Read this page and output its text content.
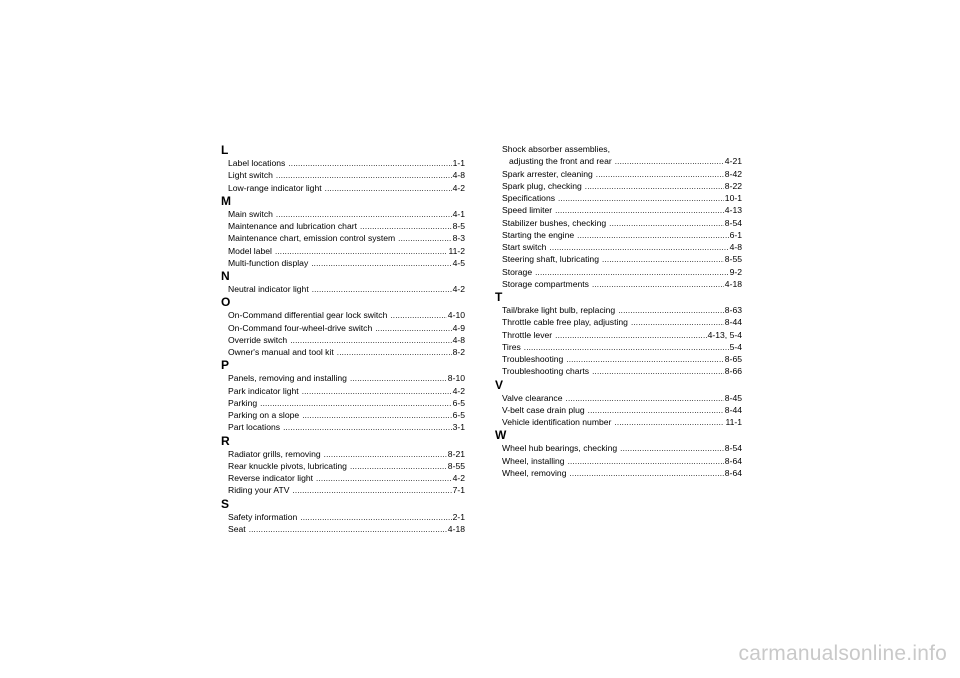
L
Label locations .....	1-1
Light switch .....	4-8
Low-range indicator light .....	4-2
M
Main switch .....	4-1
Maintenance and lubrication chart .....	8-5
Maintenance chart, emission control system .....	8-3
Model label .....	11-2
Multi-function display .....	4-5
N
Neutral indicator light .....	4-2
O
On-Command differential gear lock switch .....	4-10
On-Command four-wheel-drive switch .....	4-9
Override switch .....	4-8
Owner's manual and tool kit .....	8-2
P
Panels, removing and installing .....	8-10
Park indicator light .....	4-2
Parking .....	6-5
Parking on a slope .....	6-5
Part locations .....	3-1
R
Radiator grills, removing .....	8-21
Rear knuckle pivots, lubricating .....	8-55
Reverse indicator light .....	4-2
Riding your ATV .....	7-1
S
Safety information .....	2-1
Seat .....	4-18
Shock absorber assemblies,
adjusting the front and rear .....	4-21
Spark arrester, cleaning .....	8-42
Spark plug, checking .....	8-22
Specifications .....	10-1
Speed limiter .....	4-13
Stabilizer bushes, checking .....	8-54
Starting the engine .....	6-1
Start switch .....	4-8
Steering shaft, lubricating .....	8-55
Storage .....	9-2
Storage compartments .....	4-18
T
Tail/brake light bulb, replacing .....	8-63
Throttle cable free play, adjusting .....	8-44
Throttle lever .....	4-13, 5-4
Tires .....	5-4
Troubleshooting .....	8-65
Troubleshooting charts .....	8-66
V
Valve clearance .....	8-45
V-belt case drain plug .....	8-44
Vehicle identification number .....	11-1
W
Wheel hub bearings, checking .....	8-54
Wheel, installing .....	8-64
Wheel, removing .....	8-64
carmanualsonline.info
